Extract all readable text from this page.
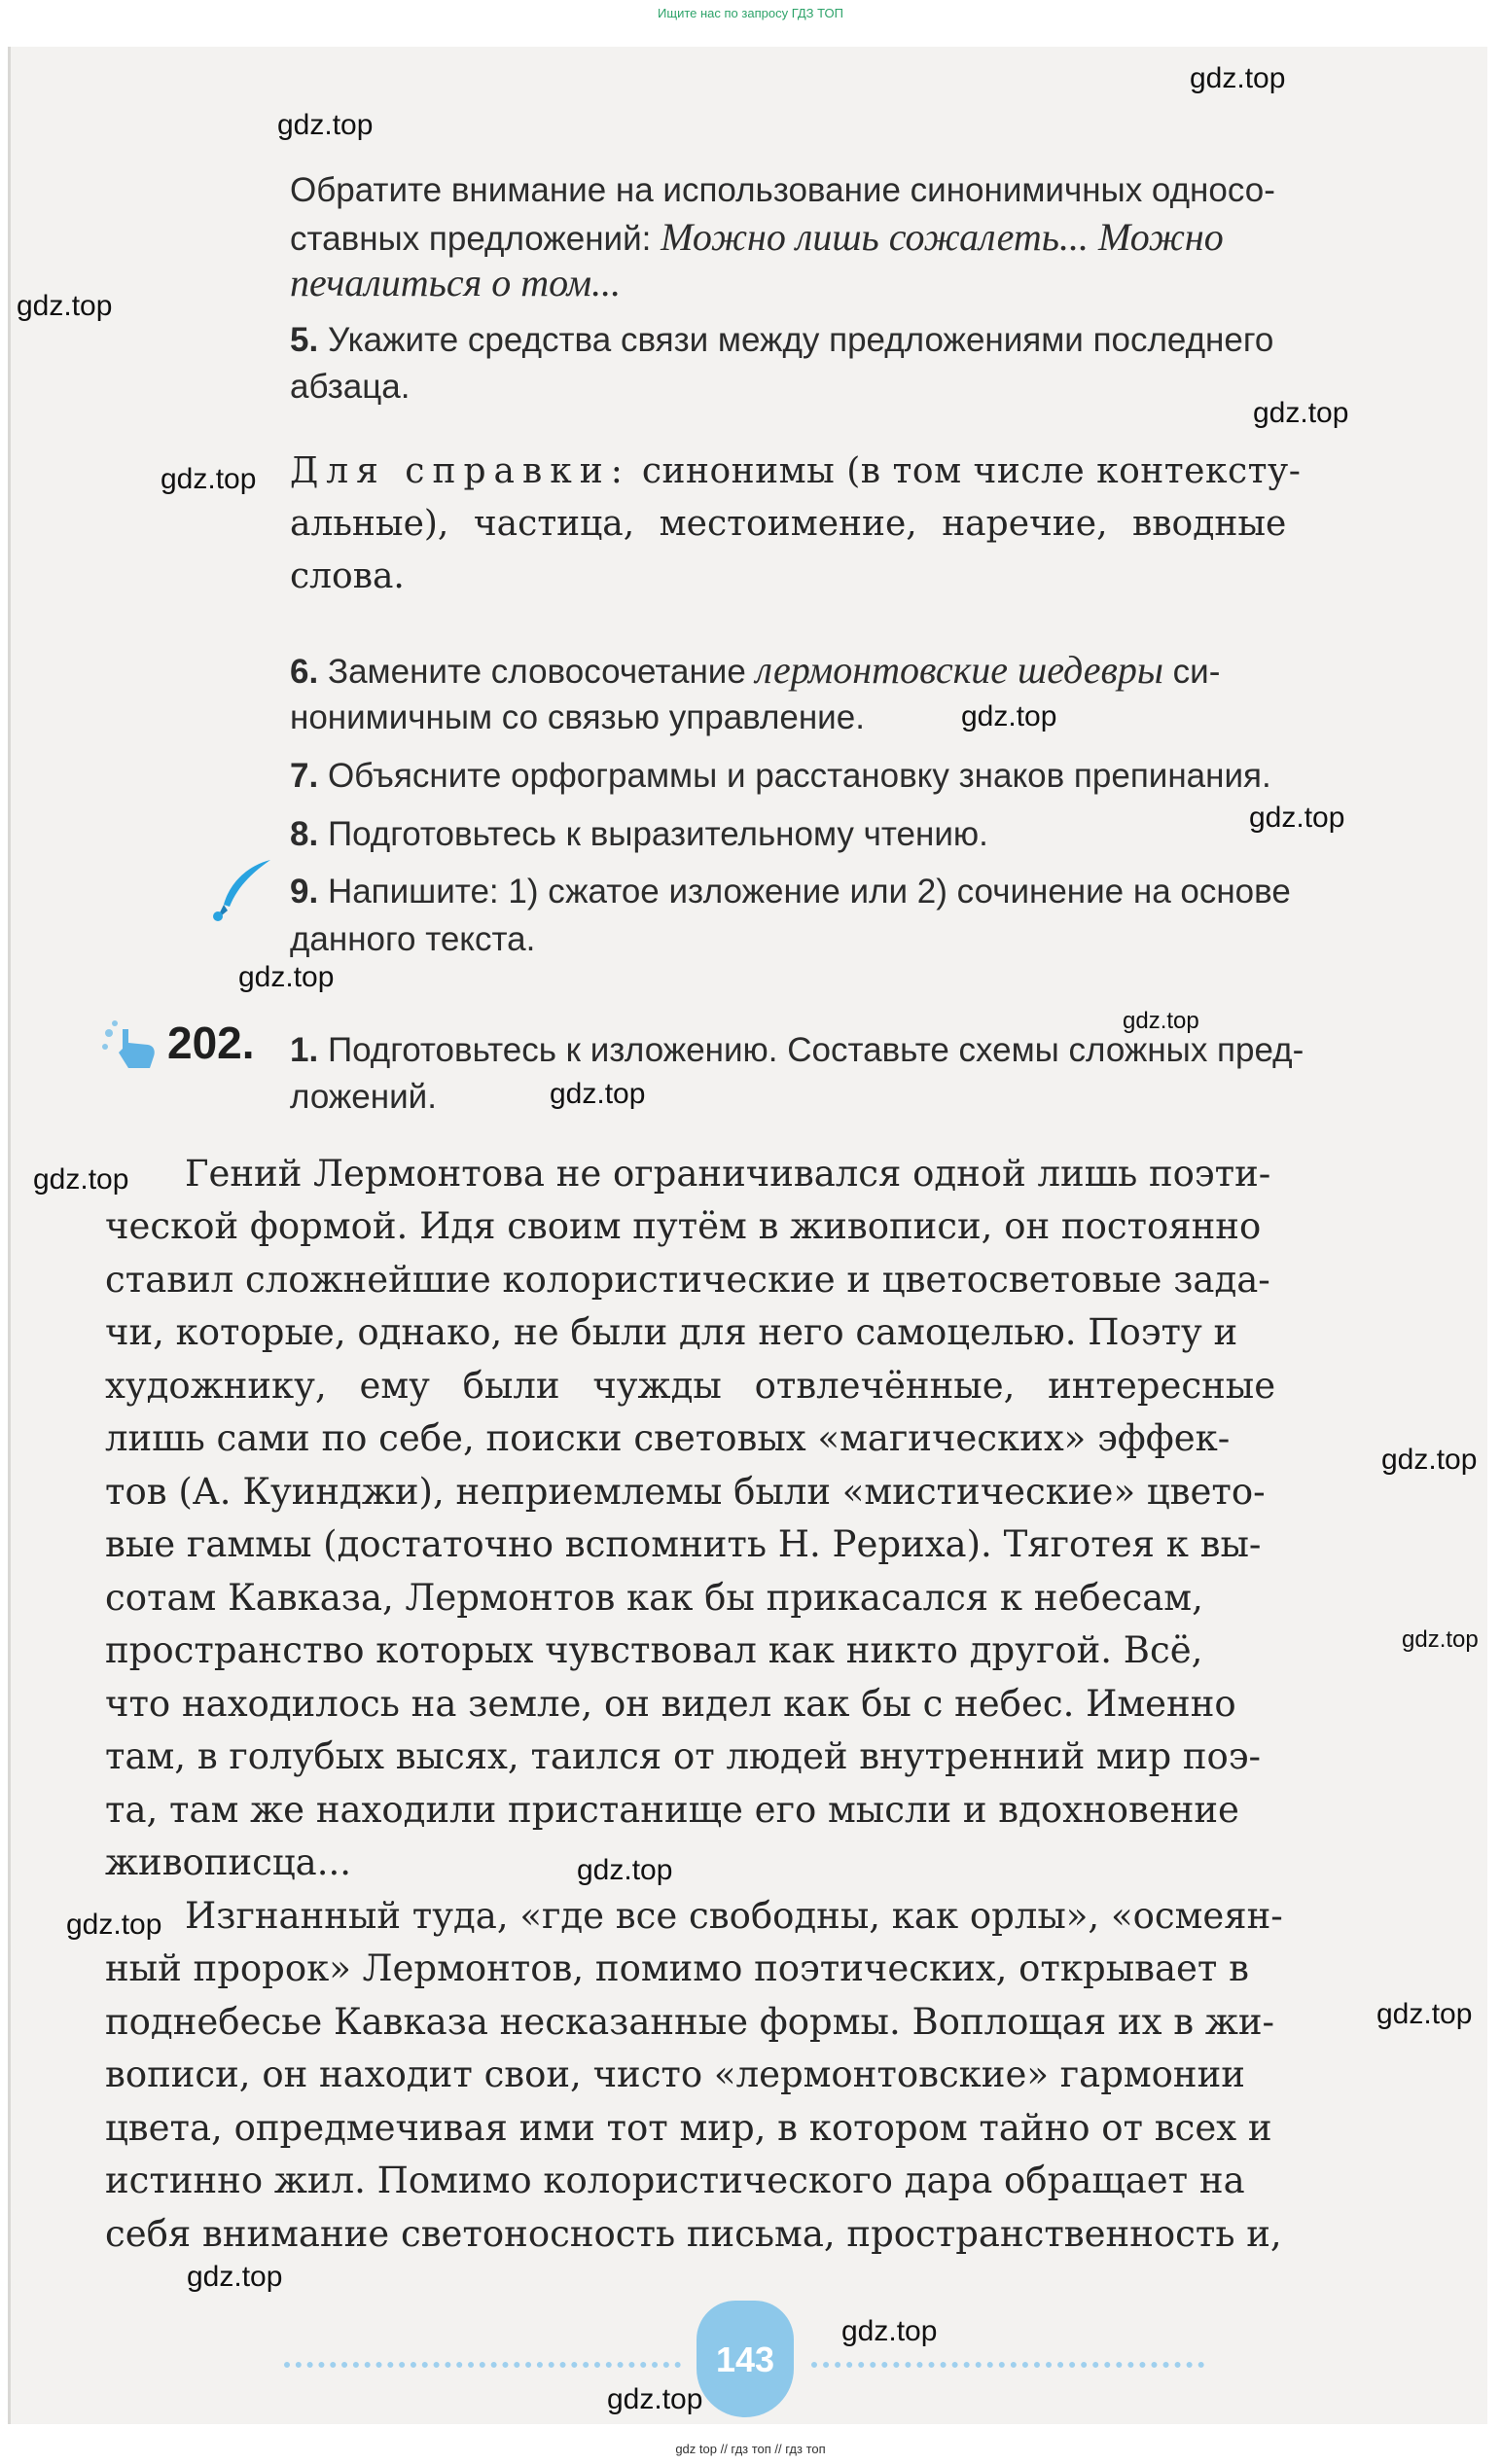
Ищите нас по запросу ГДЗ ТОП
Обратите внимание на использование синонимичных односо-
ставных предложений: Можно лишь сожалеть... Можно
печалиться о том...
5. Укажите средства связи между предложениями последнего
абзаца.
Для справки: синонимы (в том числе контексту-
альные), частица, местоимение, наречие, вводные
слова.
6. Замените словосочетание лермонтовские шедевры си-
нонимичным со связью управление.
7. Объясните орфограммы и расстановку знаков препинания.
8. Подготовьтесь к выразительному чтению.
9. Напишите: 1) сжатое изложение или 2) сочинение на основе
данного текста.
202. 1. Подготовьтесь к изложению. Составьте схемы сложных пред-
ложений.
Гений Лермонтова не ограничивался одной лишь поэти-
ческой формой. Идя своим путём в живописи, он постоянно
ставил сложнейшие колористические и цветосветовые зада-
чи, которые, однако, не были для него самоцелью. Поэту и
художнику, ему были чужды отвлечённые, интересные
лишь сами по себе, поиски световых «магических» эффек-
тов (А. Куинджи), неприемлемы были «мистические» цвето-
вые гаммы (достаточно вспомнить Н. Рериха). Тяготея к вы-
сотам Кавказа, Лермонтов как бы прикасался к небесам,
пространство которых чувствовал как никто другой. Всё,
что находилось на земле, он видел как бы с небес. Именно
там, в голубых высях, таился от людей внутренний мир поэ-
та, там же находили пристанище его мысли и вдохновение
живописца...
Изгнанный туда, «где все свободны, как орлы», «осмеян-
ный пророк» Лермонтов, помимо поэтических, открывает в
поднебесье Кавказа несказанные формы. Воплощая их в жи-
вописи, он находит свои, чисто «лермонтовские» гармонии
цвета, опредмечивая ими тот мир, в котором тайно от всех и
истинно жил. Помимо колористического дара обращает на
себя внимание светоносность письма, пространственность и,
143
gdz.top
gdz.top
gdz.top
gdz.top
gdz.top
gdz.top
gdz.top
gdz.top
gdz.top
gdz.top
gdz.top
gdz.top
gdz.top
gdz.top
gdz.top
gdz.top
gdz.top
gdz.top
gdz.top
gdz top // гдз топ // гдз топ
